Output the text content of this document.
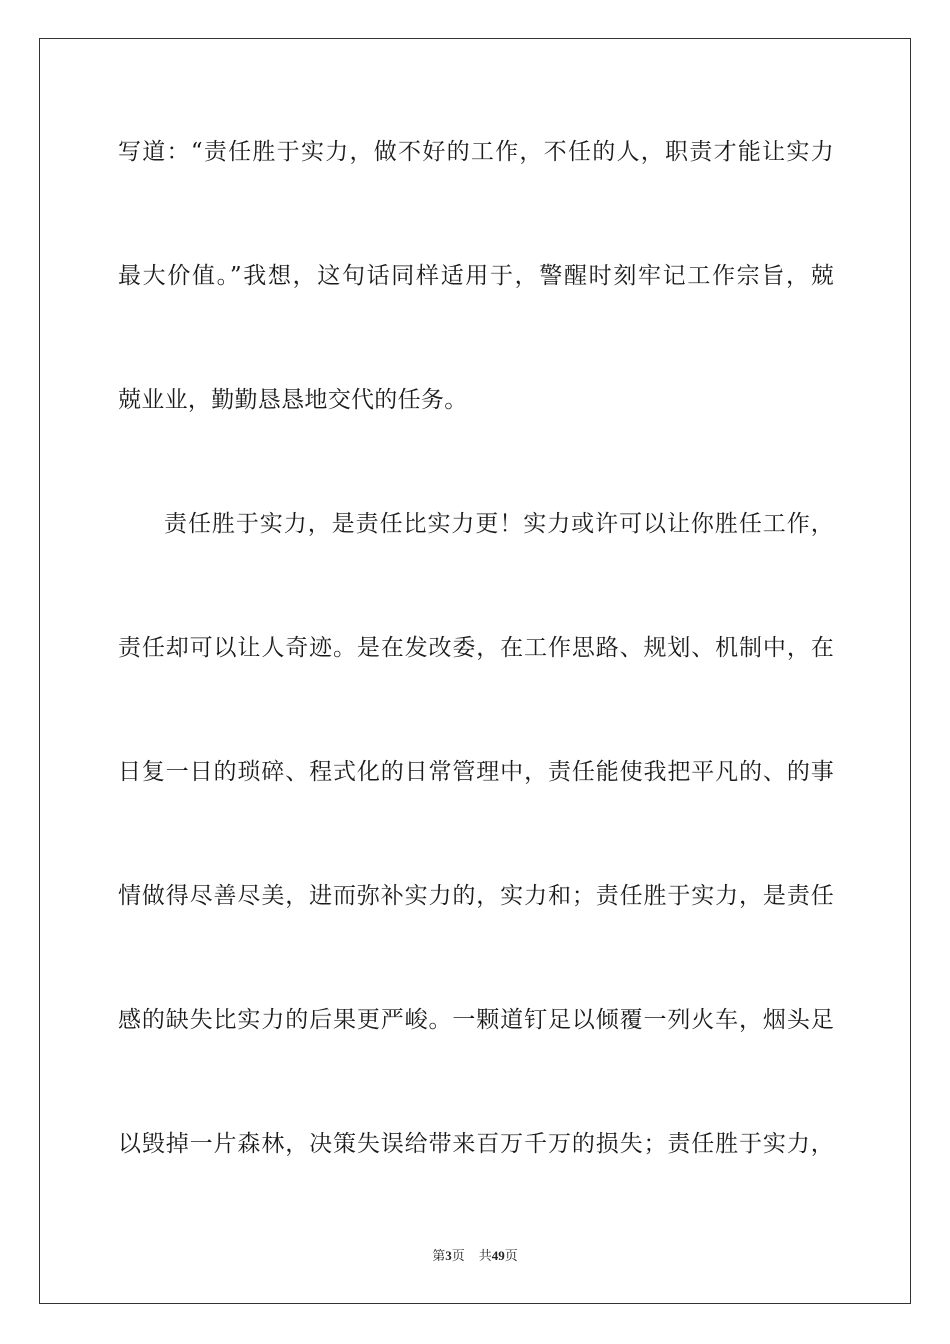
写道：“责任胜于实力，做不好的工作，不任的人，职责才能让实力
最大价值。”我想，这句话同样适用于，警醒时刻牢记工作宗旨，兢
兢业业，勤勤恳恳地交代的任务。
责任胜于实力，是责任比实力更！实力或许可以让你胜任工作，
责任却可以让人奇迹。是在发改委，在工作思路、规划、机制中，在
日复一日的琐碎、程式化的日常管理中，责任能使我把平凡的、的事
情做得尽善尽美，进而弥补实力的，实力和；责任胜于实力，是责任
感的缺失比实力的后果更严峻。一颗道钉足以倾覆一列火车，烟头足
以毁掉一片森林，决策失误给带来百万千万的损失；责任胜于实力，
第3页 共49页
